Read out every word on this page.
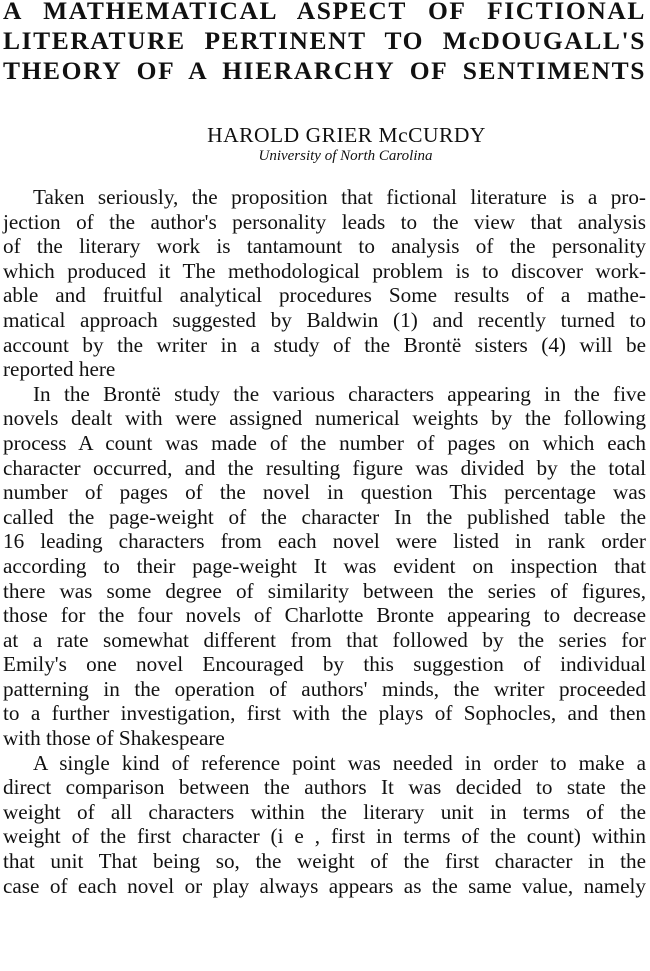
A MATHEMATICAL ASPECT OF FICTIONAL
LITERATURE PERTINENT TO McDOUGALL'S
THEORY OF A HIERARCHY OF SENTIMENTS
HAROLD GRIER McCURDY
University of North Carolina
Taken seriously, the proposition that fictional literature is a pro-
jection of the author's personality leads to the view that analysis
of the literary work is tantamount to analysis of the personality
which produced it The methodological problem is to discover work-
able and fruitful analytical procedures Some results of a mathe-
matical approach suggested by Baldwin (1) and recently turned to
account by the writer in a study of the Brontë sisters (4) will be
reported here
In the Brontë study the various characters appearing in the five
novels dealt with were assigned numerical weights by the following
process A count was made of the number of pages on which each
character occurred, and the resulting figure was divided by the total
number of pages of the novel in question This percentage was
called the page-weight of the character In the published table the
16 leading characters from each novel were listed in rank order
according to their page-weight It was evident on inspection that
there was some degree of similarity between the series of figures,
those for the four novels of Charlotte Bronte appearing to decrease
at a rate somewhat different from that followed by the series for
Emily's one novel Encouraged by this suggestion of individual
patterning in the operation of authors' minds, the writer proceeded
to a further investigation, first with the plays of Sophocles, and then
with those of Shakespeare
A single kind of reference point was needed in order to make a
direct comparison between the authors It was decided to state the
weight of all characters within the literary unit in terms of the
weight of the first character (i e , first in terms of the count) within
that unit That being so, the weight of the first character in the
case of each novel or play always appears as the same value, namely
